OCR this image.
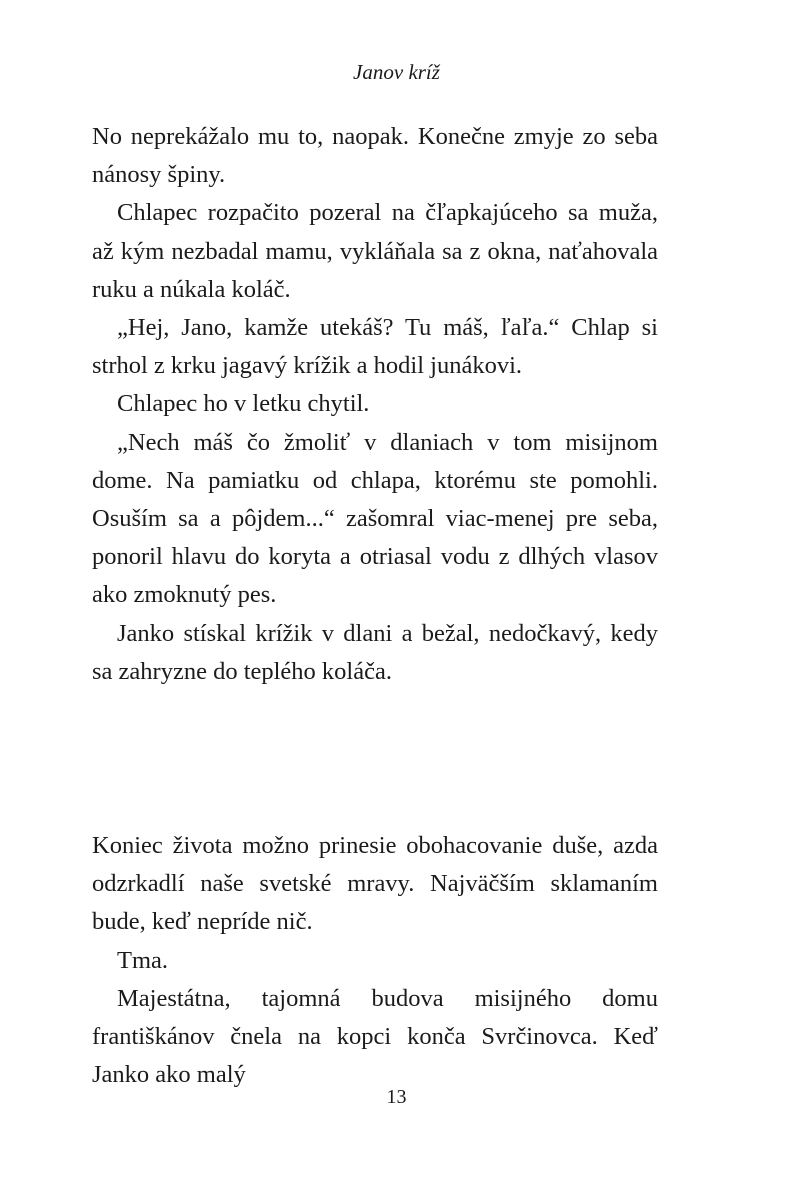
Janov kríž

No neprekážalo mu to, naopak. Konečne zmyje zo seba nánosy špiny.

Chlapec rozpačito pozeral na čľapkajúceho sa muža, až kým nezbadal mamu, vykláňala sa z okna, naťahovala ruku a núkala koláč.

„Hej, Jano, kamže utekáš? Tu máš, ľaľa.“ Chlap si strhol z krku jagavý krížik a hodil junákovi.

Chlapec ho v letku chytil.

„Nech máš čo žmoliť v dlaniach v tom misijnom dome. Na pamiatku od chlapa, ktorému ste pomohli. Osuším sa a pôjdem...“ zašomral viac-menej pre seba, ponoril hlavu do koryta a otriasal vodu z dlhých vlasov ako zmoknutý pes.

Janko stískal krížik v dlani a bežal, nedočkavý, kedy sa zahryzne do teplého koláča.

Koniec života možno prinesie obohacovanie duše, azda odzrkadlí naše svetské mravy. Najväčším sklamaním bude, keď nepríde nič.

Tma.

Majestátna, tajomná budova misijného domu františkánov čnela na kopci konča Svrčinovca. Keď Janko ako malý

13
